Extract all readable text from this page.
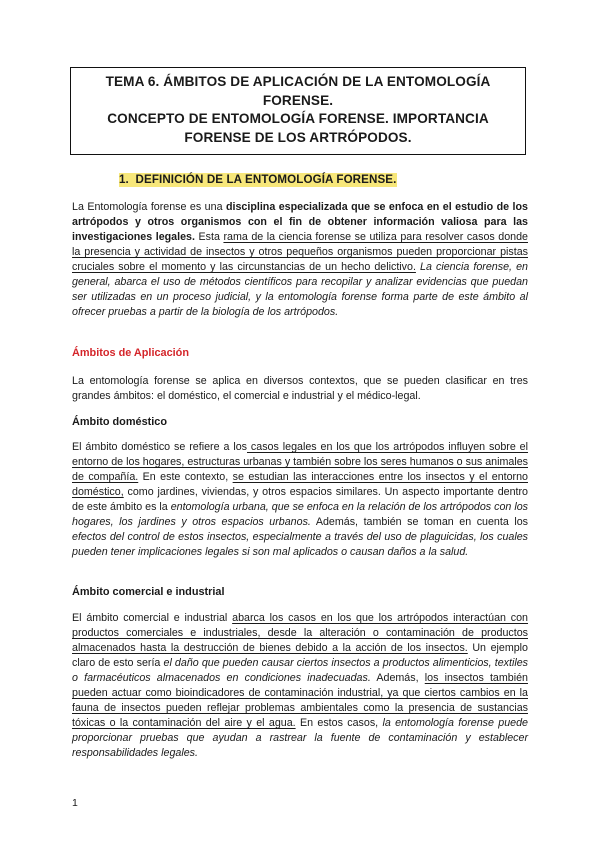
TEMA 6. ÁMBITOS DE APLICACIÓN DE LA ENTOMOLOGÍA
FORENSE.
CONCEPTO DE ENTOMOLOGÍA FORENSE. IMPORTANCIA
FORENSE DE LOS ARTRÓPODOS.
1. DEFINICIÓN DE LA ENTOMOLOGÍA FORENSE.
La Entomología forense es una disciplina especializada que se enfoca en el estudio de los artrópodos y otros organismos con el fin de obtener información valiosa para las investigaciones legales. Esta rama de la ciencia forense se utiliza para resolver casos donde la presencia y actividad de insectos y otros pequeños organismos pueden proporcionar pistas cruciales sobre el momento y las circunstancias de un hecho delictivo. La ciencia forense, en general, abarca el uso de métodos científicos para recopilar y analizar evidencias que puedan ser utilizadas en un proceso judicial, y la entomología forense forma parte de este ámbito al ofrecer pruebas a partir de la biología de los artrópodos.
Ámbitos de Aplicación
La entomología forense se aplica en diversos contextos, que se pueden clasificar en tres grandes ámbitos: el doméstico, el comercial e industrial y el médico-legal.
Ámbito doméstico
El ámbito doméstico se refiere a los casos legales en los que los artrópodos influyen sobre el entorno de los hogares, estructuras urbanas y también sobre los seres humanos o sus animales de compañía. En este contexto, se estudian las interacciones entre los insectos y el entorno doméstico, como jardines, viviendas, y otros espacios similares. Un aspecto importante dentro de este ámbito es la entomología urbana, que se enfoca en la relación de los artrópodos con los hogares, los jardines y otros espacios urbanos. Además, también se toman en cuenta los efectos del control de estos insectos, especialmente a través del uso de plaguicidas, los cuales pueden tener implicaciones legales si son mal aplicados o causan daños a la salud.
Ámbito comercial e industrial
El ámbito comercial e industrial abarca los casos en los que los artrópodos interactúan con productos comerciales e industriales, desde la alteración o contaminación de productos almacenados hasta la destrucción de bienes debido a la acción de los insectos. Un ejemplo claro de esto sería el daño que pueden causar ciertos insectos a productos alimenticios, textiles o farmacéuticos almacenados en condiciones inadecuadas. Además, los insectos también pueden actuar como bioindicadores de contaminación industrial, ya que ciertos cambios en la fauna de insectos pueden reflejar problemas ambientales como la presencia de sustancias tóxicas o la contaminación del aire y el agua. En estos casos, la entomología forense puede proporcionar pruebas que ayudan a rastrear la fuente de contaminación y establecer responsabilidades legales.
1
